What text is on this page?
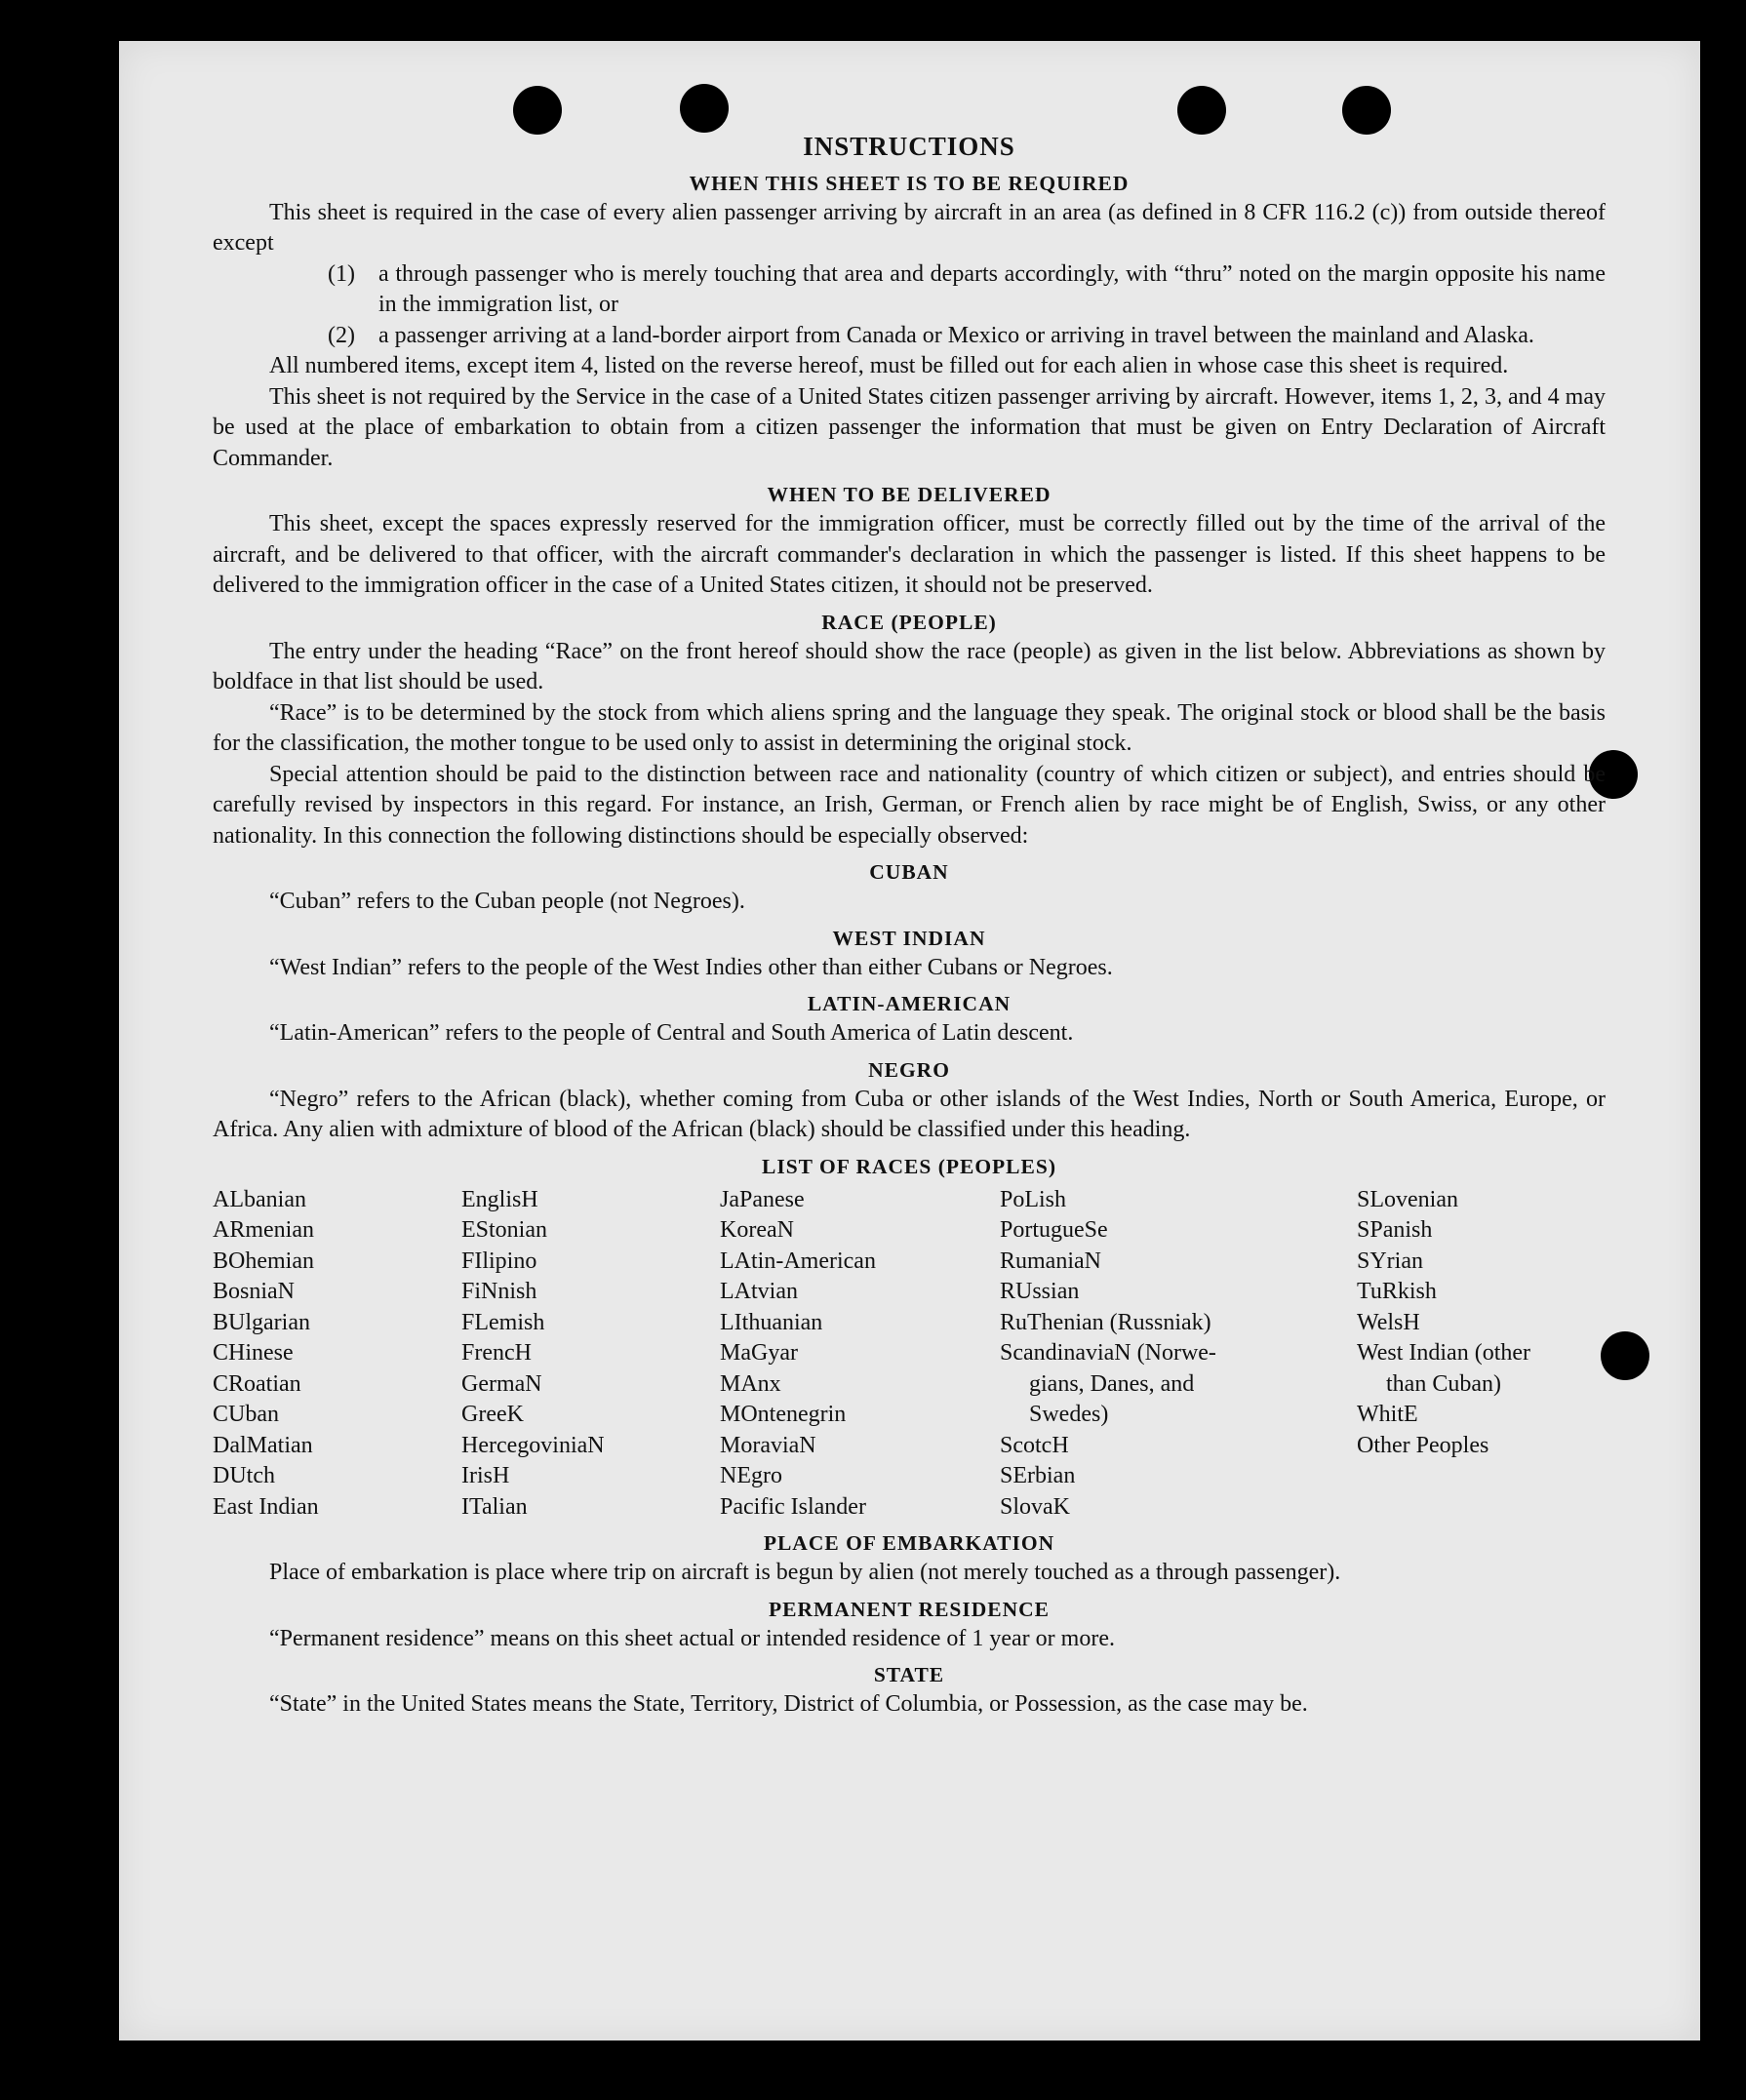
INSTRUCTIONS
WHEN THIS SHEET IS TO BE REQUIRED

This sheet is required in the case of every alien passenger arriving by aircraft in an area (as defined in 8 CFR 116.2 (c)) from outside thereof except

(1)	a through passenger who is merely touching that area and departs accordingly, with “thru” noted on the margin opposite his name in the immigration list, or
(2)	a passenger arriving at a land-border airport from Canada or Mexico or arriving in travel between the mainland and Alaska.

All numbered items, except item 4, listed on the reverse hereof, must be filled out for each alien in whose case this sheet is required.

This sheet is not required by the Service in the case of a United States citizen passenger arriving by aircraft. However, items 1, 2, 3, and 4 may be used at the place of embarkation to obtain from a citizen passenger the information that must be given on Entry Declaration of Aircraft Commander.

WHEN TO BE DELIVERED

This sheet, except the spaces expressly reserved for the immigration officer, must be correctly filled out by the time of the arrival of the aircraft, and be delivered to that officer, with the aircraft commander's declaration in which the passenger is listed. If this sheet happens to be delivered to the immigration officer in the case of a United States citizen, it should not be preserved.

RACE (PEOPLE)

The entry under the heading “Race” on the front hereof should show the race (people) as given in the list below. Abbreviations as shown by boldface in that list should be used.

“Race” is to be determined by the stock from which aliens spring and the language they speak. The original stock or blood shall be the basis for the classification, the mother tongue to be used only to assist in determining the original stock.

Special attention should be paid to the distinction between race and nationality (country of which citizen or subject), and entries should be carefully revised by inspectors in this regard. For instance, an Irish, German, or French alien by race might be of English, Swiss, or any other nationality. In this connection the following distinctions should be especially observed:

CUBAN

“Cuban” refers to the Cuban people (not Negroes).

WEST INDIAN

“West Indian” refers to the people of the West Indies other than either Cubans or Negroes.

LATIN-AMERICAN

“Latin-American” refers to the people of Central and South America of Latin descent.

NEGRO

“Negro” refers to the African (black), whether coming from Cuba or other islands of the West Indies, North or South America, Europe, or Africa. Any alien with admixture of blood of the African (black) should be classified under this heading.

LIST OF RACES (PEOPLES)
ALbanian
ARmenian
BOhemian
BosniaN
BUlgarian
CHinese
CRoatian
CUban
DalMatian
DUtch
East Indian
EnglisH
EStonian
FIlipino
FiNnish
FLemish
FrencH
GermaN
GreeK
HercegoviniaN
IrisH
ITalian
JaPanese
KoreaN
LAtin-American
LAtvian
LIthuanian
MaGyar
MAnx
MOntenegrin
MoraviaN
NEgro
Pacific Islander
PoLish
PortugueSe
RumaniaN
RUssian
RuThenian (Russniak)
ScandinaviaN (Norwe-
gians, Danes, and
Swedes)
ScotcH
SErbian
SlovaK
SLovenian
SPanish
SYrian
TuRkish
WelsH
West Indian (other
than Cuban)
WhitE
Other Peoples
PLACE OF EMBARKATION

Place of embarkation is place where trip on aircraft is begun by alien (not merely touched as a through passenger).

PERMANENT RESIDENCE

“Permanent residence” means on this sheet actual or intended residence of 1 year or more.

STATE

“State” in the United States means the State, Territory, District of Columbia, or Possession, as the case may be.
